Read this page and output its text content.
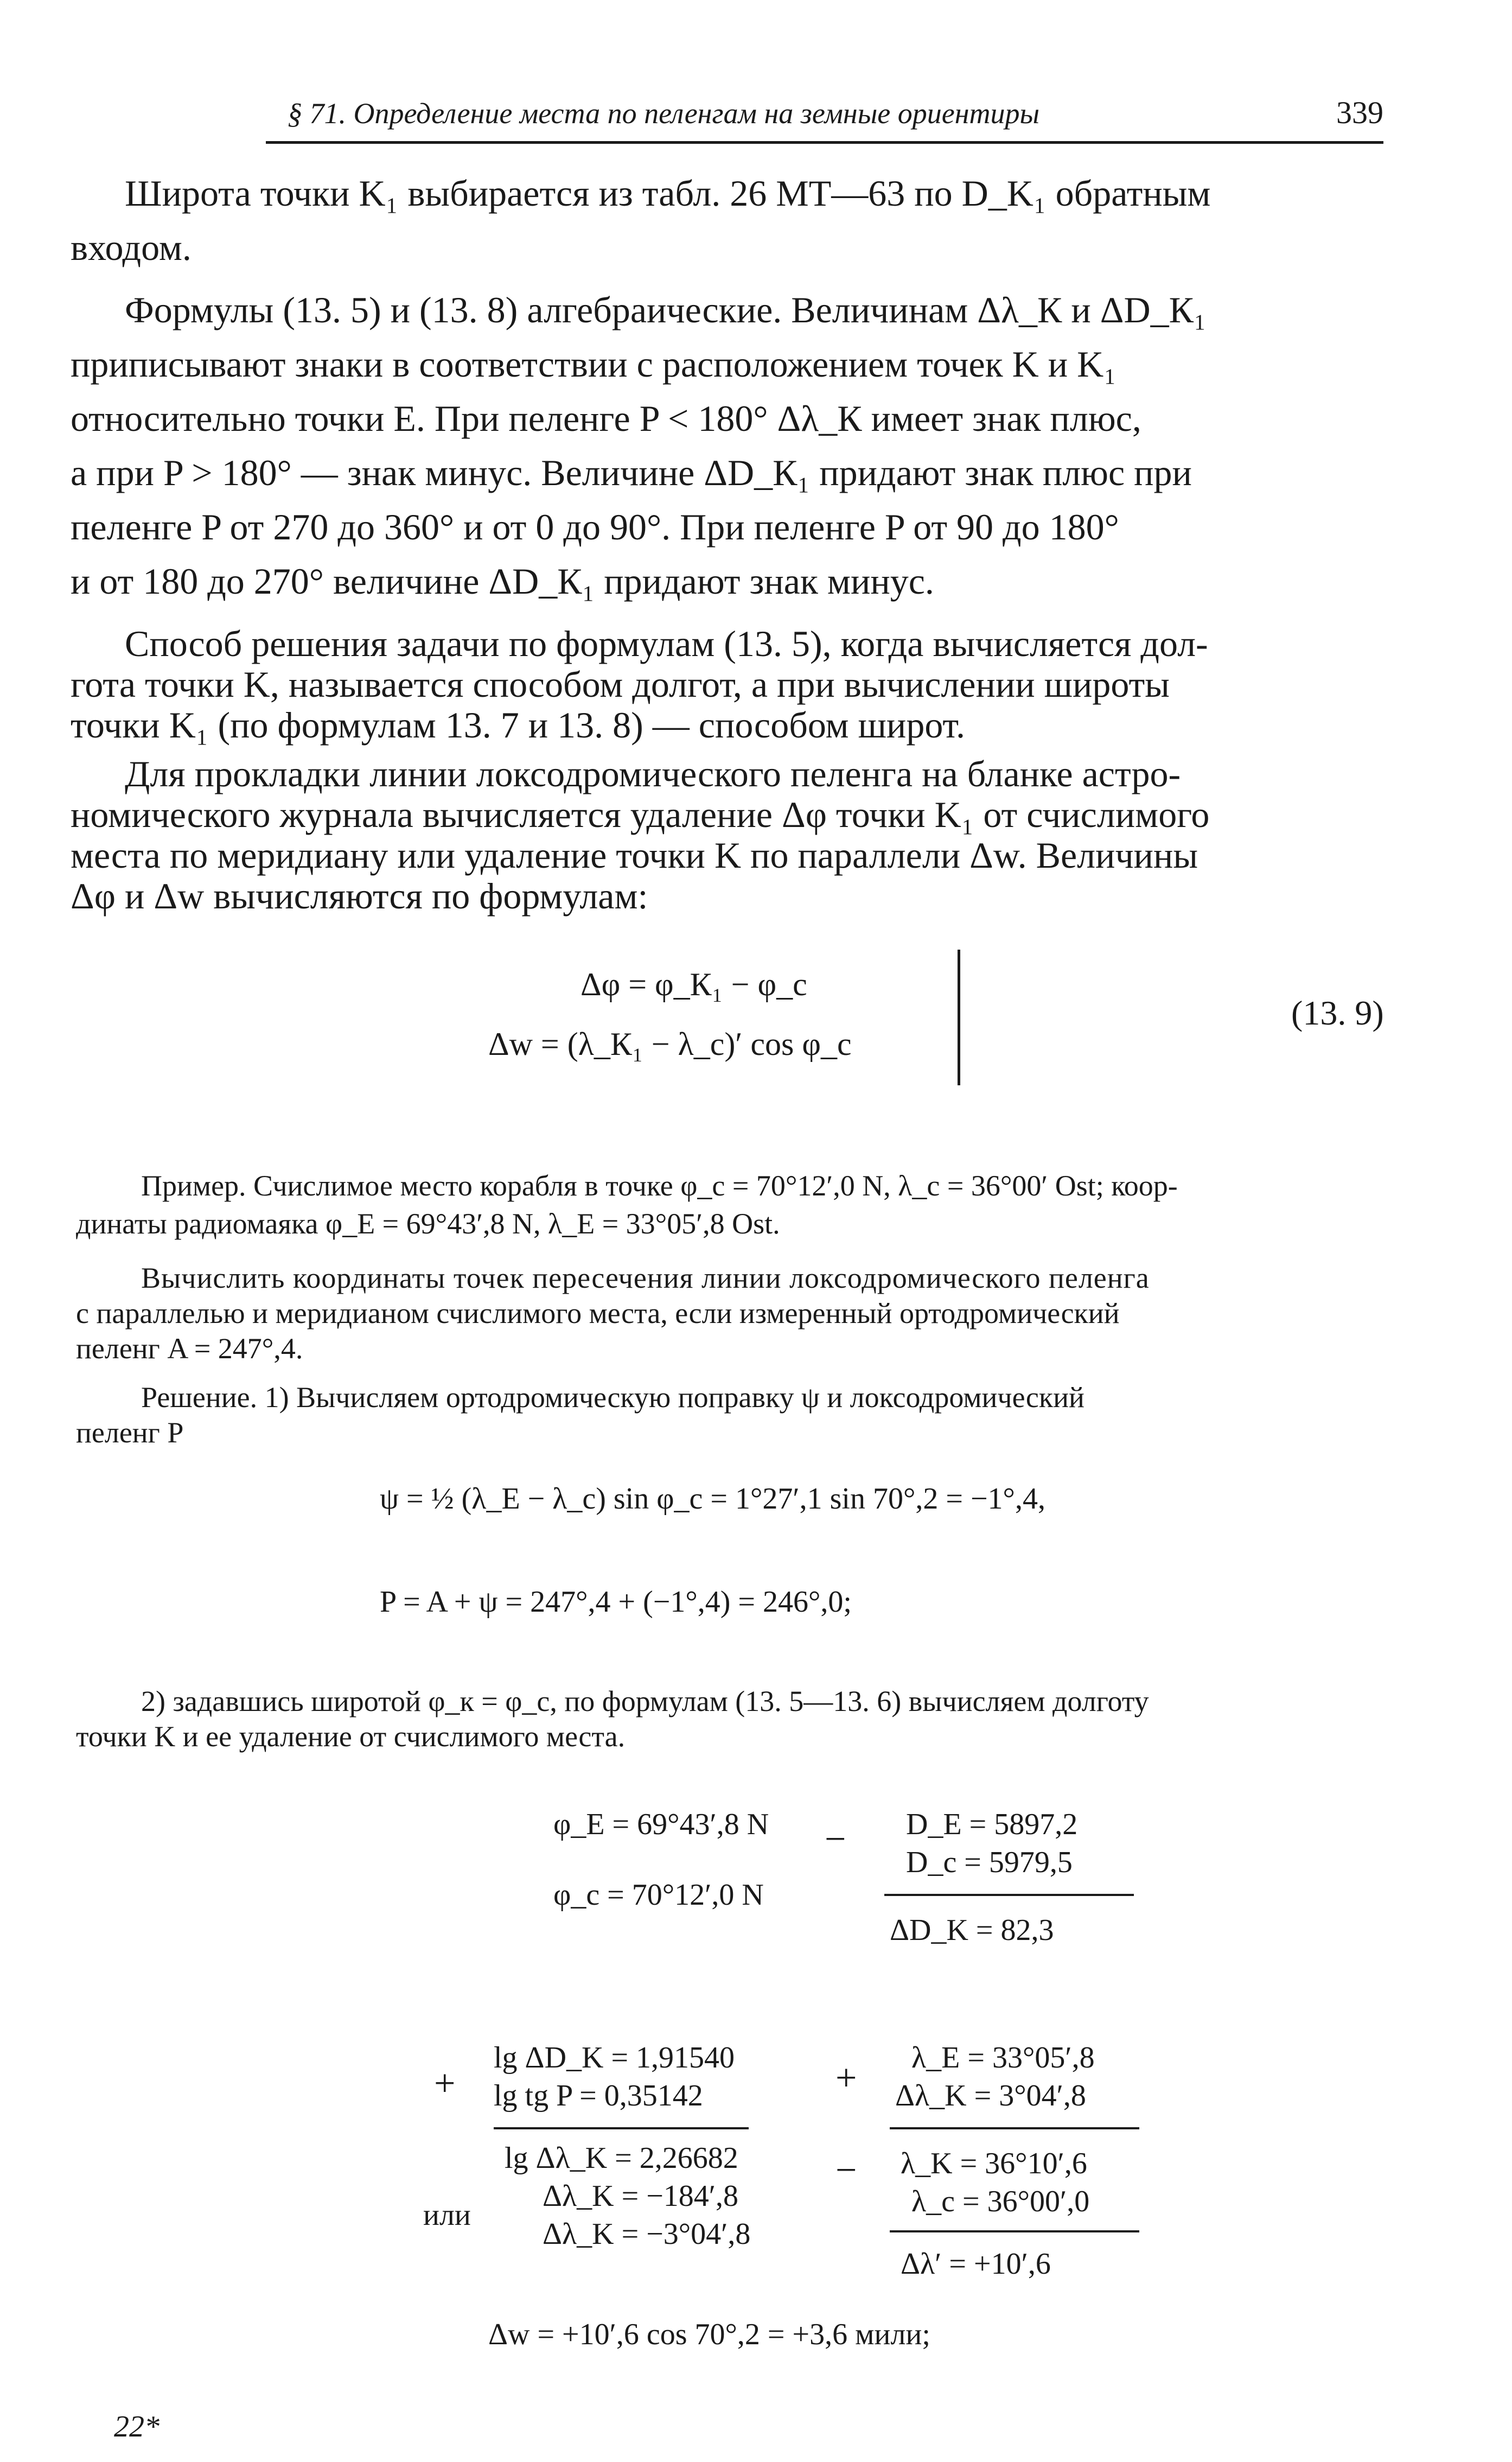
§ 71. Определение места по пеленгам на земные ориентиры	339
Широта точки K₁ выбирается из табл. 26 МТ—63 по D_K₁ обратным
входом.
Формулы (13. 5) и (13. 8) алгебраические. Величинам Δλ_К и ΔD_К₁
приписывают знаки в соответствии с расположением точек K и K₁
относительно точки E. При пеленге P < 180° Δλ_К имеет знак плюс,
а при P > 180° — знак минус. Величине ΔD_К₁ придают знак плюс при
пеленге P от 270 до 360° и от 0 до 90°. При пеленге P от 90 до 180°
и от 180 до 270° величине ΔD_К₁ придают знак минус.
Способ решения задачи по формулам (13. 5), когда вычисляется дол-
гота точки K, называется способом долгот, а при вычислении широты
точки K₁ (по формулам 13. 7 и 13. 8) — способом широт.
Для прокладки линии локсодромического пеленга на бланке астро-
номического журнала вычисляется удаление Δφ точки K₁ от счислимого
места по меридиану или удаление точки K по параллели Δw. Величины
Δφ и Δw вычисляются по формулам:
Δφ = φ_К₁ − φ_c
Δw = (λ_К₁ − λ_c)′ cos φ_c
(13. 9)
Пример. Счислимое место корабля в точке φ_c = 70°12′,0 N, λ_c = 36°00′ Ost; коор-
динаты радиомаяка φ_E = 69°43′,8 N, λ_E = 33°05′,8 Ost.
Вычислить координаты точек пересечения линии локсодромического пеленга
с параллелью и меридианом счислимого места, если измеренный ортодромический
пеленг A = 247°,4.
Решение. 1) Вычисляем ортодромическую поправку ψ и локсодромический
пеленг P
ψ = ½ (λ_E − λ_c) sin φ_c = 1°27′,1 sin 70°,2 = −1°,4,
P = A + ψ = 247°,4 + (−1°,4) = 246°,0;
2) задавшись широтой φ_к = φ_c, по формулам (13. 5—13. 6) вычисляем долготу
точки K и ее удаление от счислимого места.
φ_E = 69°43′,8 N
φ_c = 70°12′,0 N
− D_E = 5897,2
D_c = 5979,5
ΔD_K = 82,3
+
lg ΔD_K = 1,91540
lg tg P = 0,35142
lg Δλ_K = 2,26682
Δλ_K = −184′,8
или
Δλ_K = −3°04′,8
+ λ_E = 33°05′,8
Δλ_K = 3°04′,8
− λ_K = 36°10′,6
λ_c = 36°00′,0
Δλ′ = +10′,6
Δw = +10′,6 cos 70°,2 = +3,6 мили;
22*
